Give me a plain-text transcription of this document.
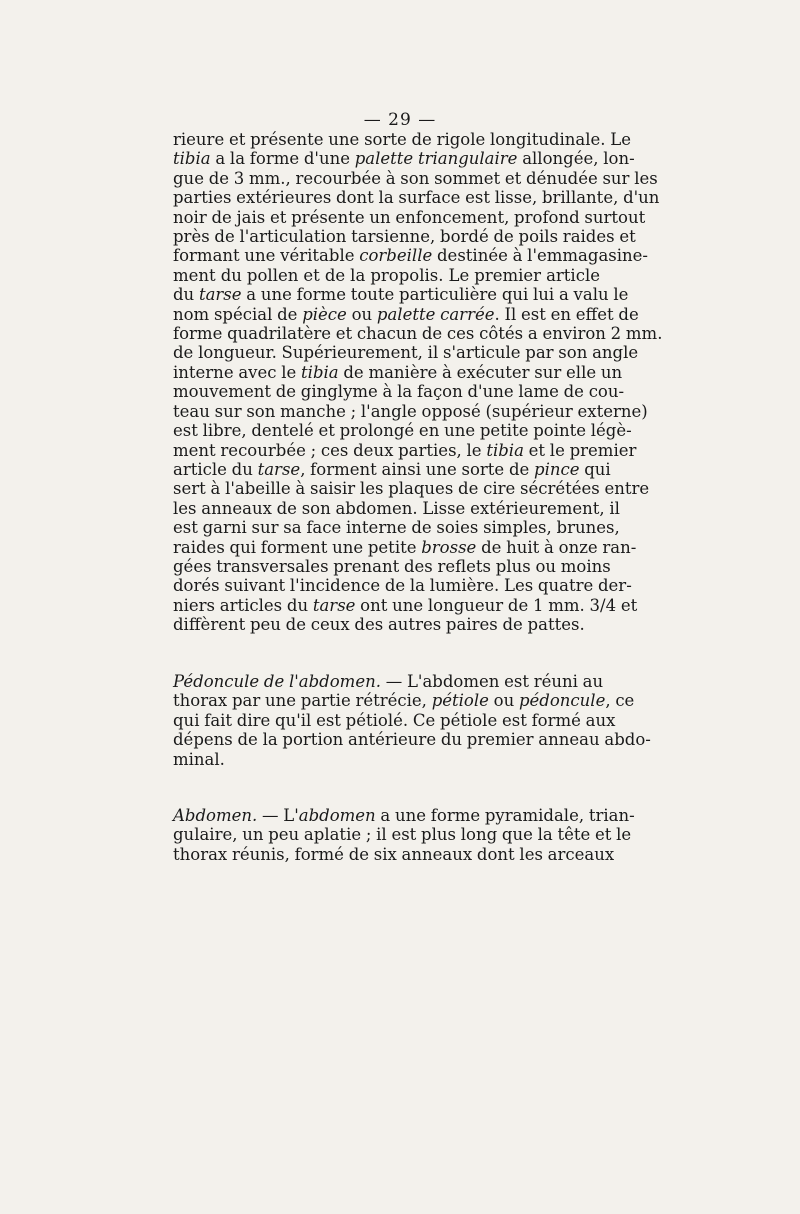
— 29 —
rieure et présente une sorte de rigole longitudinale. Le
tibia a la forme d'une palette triangulaire allongée, lon-
gue de 3 mm., recourbée à son sommet et dénudée sur les
parties extérieures dont la surface est lisse, brillante, d'un
noir de jais et présente un enfoncement, profond surtout
près de l'articulation tarsienne, bordé de poils raides et
formant une véritable corbeille destinée à l'emmagasine-
ment du pollen et de la propolis. Le premier article
du tarse a une forme toute particulière qui lui a valu le
nom spécial de pièce ou palette carrée. Il est en effet de
forme quadrilatère et chacun de ces côtés a environ 2 mm.
de longueur. Supérieurement, il s'articule par son angle
interne avec le tibia de manière à exécuter sur elle un
mouvement de ginglyme à la façon d'une lame de cou-
teau sur son manche ; l'angle opposé (supérieur externe)
est libre, dentelé et prolongé en une petite pointe légè-
ment recourbée ; ces deux parties, le tibia et le premier
article du tarse, forment ainsi une sorte de pince qui
sert à l'abeille à saisir les plaques de cire sécrétées entre
les anneaux de son abdomen. Lisse extérieurement, il
est garni sur sa face interne de soies simples, brunes,
raides qui forment une petite brosse de huit à onze ran-
gées transversales prenant des reflets plus ou moins
dorés suivant l'incidence de la lumière. Les quatre der-
niers articles du tarse ont une longueur de 1 mm. 3/4 et
diffèrent peu de ceux des autres paires de pattes.
Pédoncule de l'abdomen. — L'abdomen est réuni au
thorax par une partie rétrécie, pétiole ou pédoncule, ce
qui fait dire qu'il est pétiolé. Ce pétiole est formé aux
dépens de la portion antérieure du premier anneau abdo-
minal.
Abdomen. — L'abdomen a une forme pyramidale, trian-
gulaire, un peu aplatie ; il est plus long que la tête et le
thorax réunis, formé de six anneaux dont les arceaux
